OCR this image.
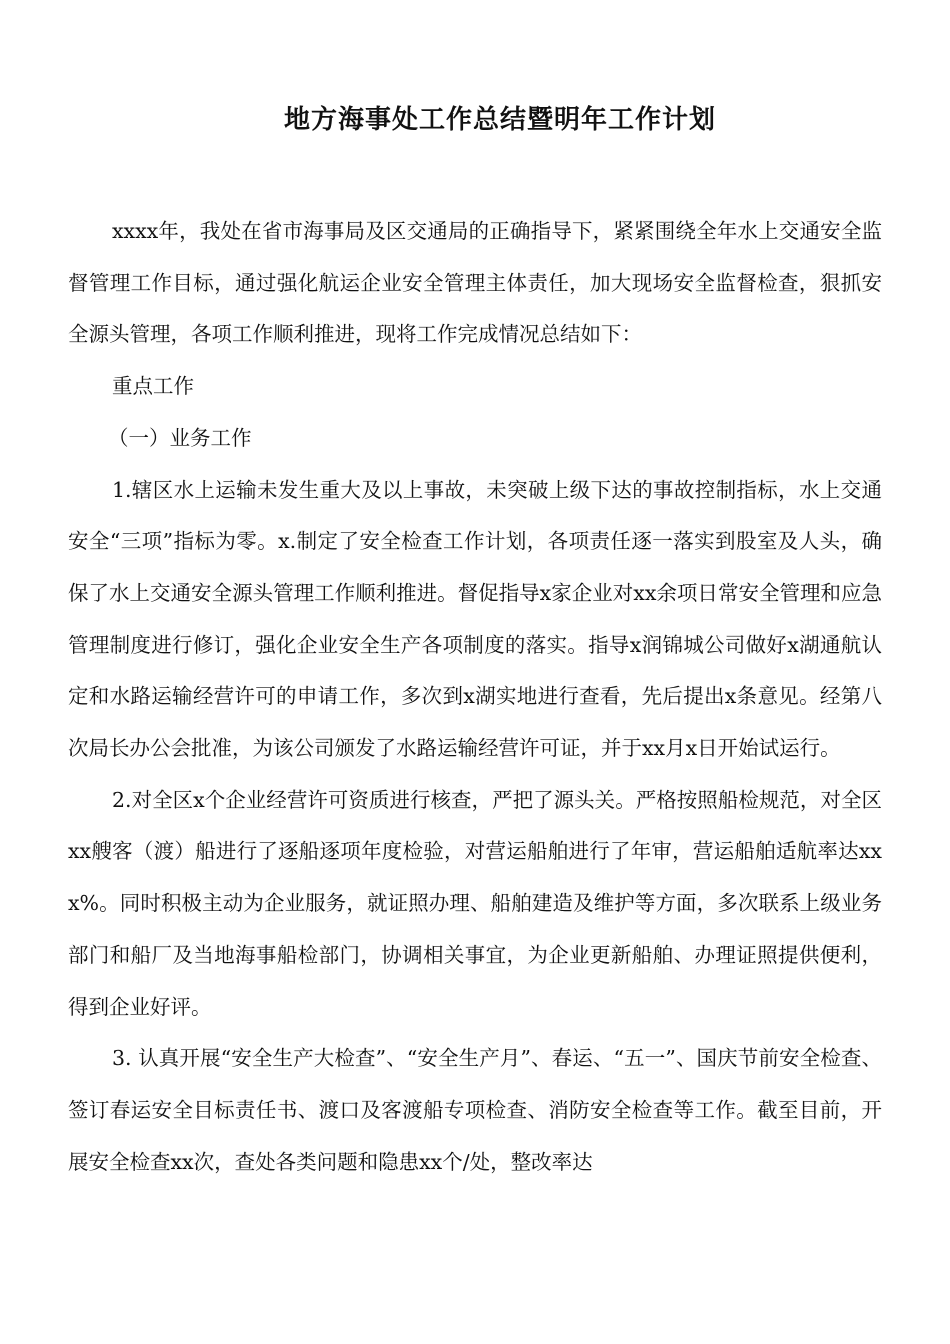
地方海事处工作总结暨明年工作计划

xxxx年，我处在省市海事局及区交通局的正确指导下，紧紧围绕全年水上交通安全监督管理工作目标，通过强化航运企业安全管理主体责任，加大现场安全监督检查，狠抓安全源头管理，各项工作顺利推进，现将工作完成情况总结如下：

重点工作

（一）业务工作

1.辖区水上运输未发生重大及以上事故，未突破上级下达的事故控制指标，水上交通安全“三项”指标为零。x.制定了安全检查工作计划，各项责任逐一落实到股室及人头，确保了水上交通安全源头管理工作顺利推进。督促指导x家企业对xx余项日常安全管理和应急管理制度进行修订，强化企业安全生产各项制度的落实。指导x润锦城公司做好x湖通航认定和水路运输经营许可的申请工作，多次到x湖实地进行查看，先后提出x条意见。经第八次局长办公会批准，为该公司颁发了水路运输经营许可证，并于xx月x日开始试运行。

2.对全区x个企业经营许可资质进行核查，严把了源头关。严格按照船检规范，对全区xx艘客（渡）船进行了逐船逐项年度检验，对营运船舶进行了年审，营运船舶适航率达xxx%。同时积极主动为企业服务，就证照办理、船舶建造及维护等方面，多次联系上级业务部门和船厂及当地海事船检部门，协调相关事宜，为企业更新船舶、办理证照提供便利，得到企业好评。

3. 认真开展“安全生产大检查”、“安全生产月”、春运、“五一”、国庆节前安全检查、签订春运安全目标责任书、渡口及客渡船专项检查、消防安全检查等工作。截至目前，开展安全检查xx次，查处各类问题和隐患xx个/处，整改率达
